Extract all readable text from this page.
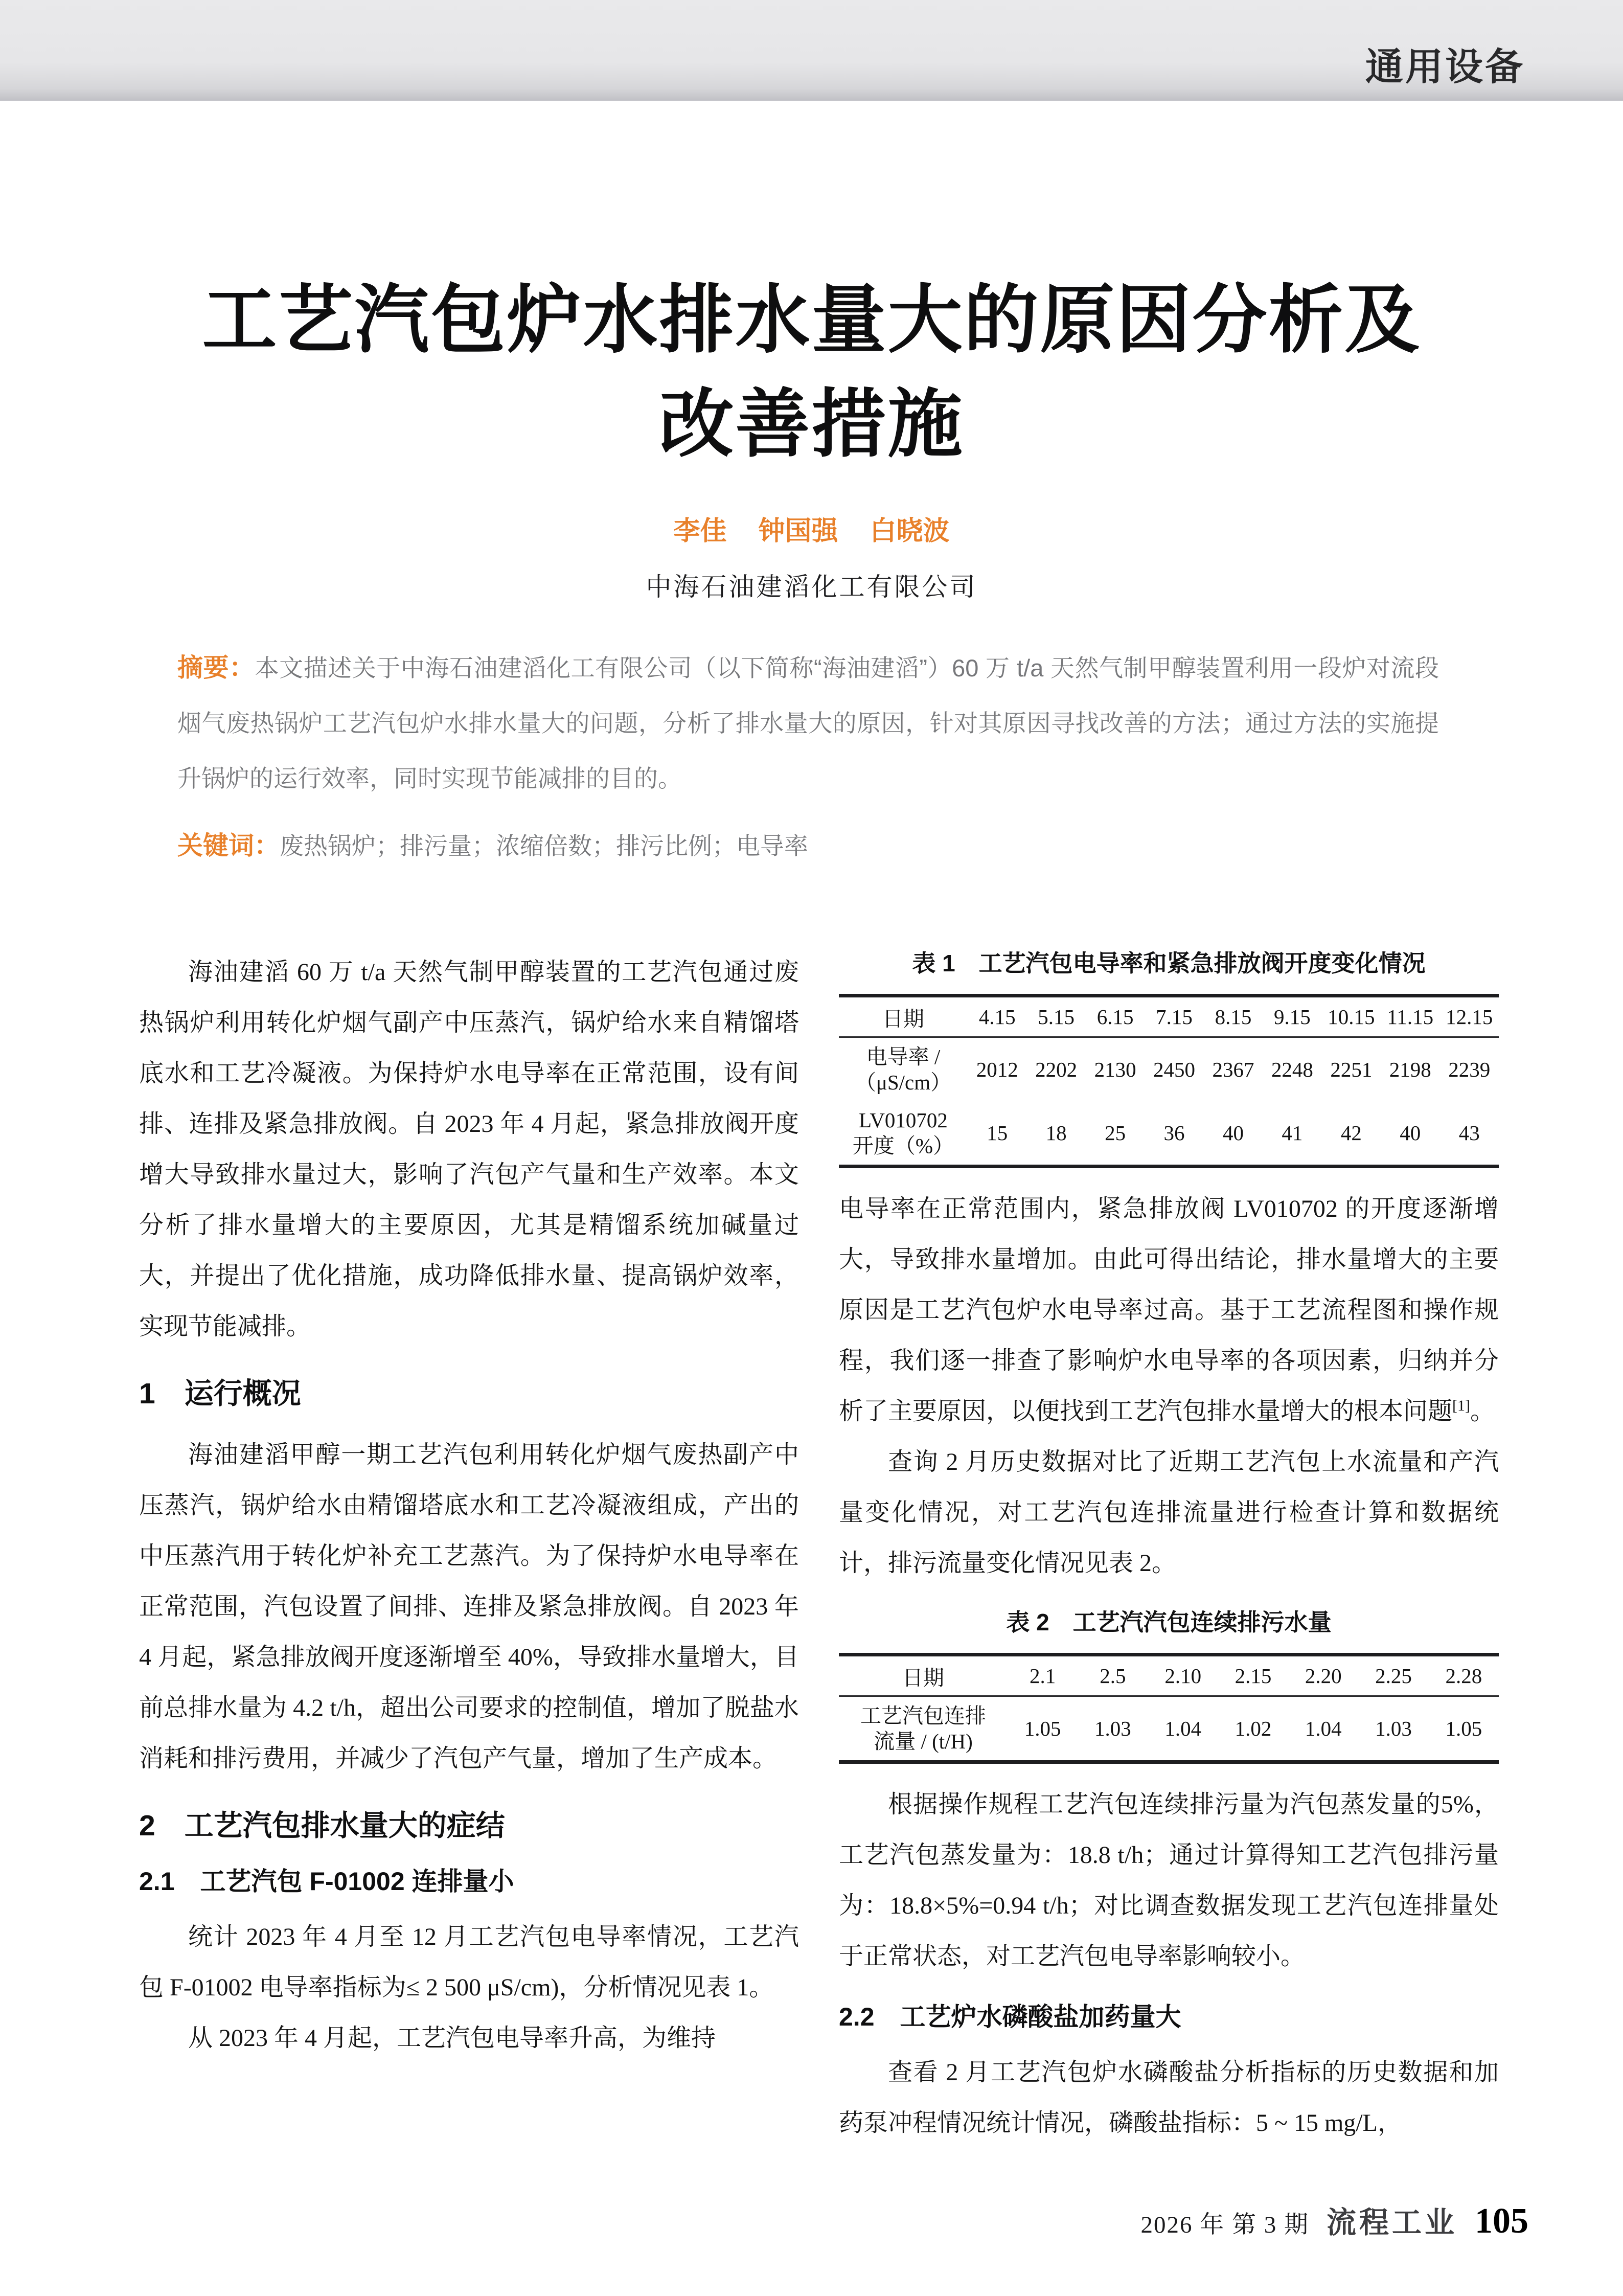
通用设备
工艺汽包炉水排水量大的原因分析及
改善措施
李佳 钟国强 白晓波
中海石油建滔化工有限公司
摘要：本文描述关于中海石油建滔化工有限公司（以下简称“海油建滔”）60 万 t/a 天然气制甲醇装置利用一段炉对流段烟气废热锅炉工艺汽包炉水排水量大的问题，分析了排水量大的原因，针对其原因寻找改善的方法；通过方法的实施提升锅炉的运行效率，同时实现节能减排的目的。
关键词：废热锅炉；排污量；浓缩倍数；排污比例；电导率

海油建滔 60 万 t/a 天然气制甲醇装置的工艺汽包通过废热锅炉利用转化炉烟气副产中压蒸汽，锅炉给水来自精馏塔底水和工艺冷凝液。为保持炉水电导率在正常范围，设有间排、连排及紧急排放阀。自 2023 年 4 月起，紧急排放阀开度增大导致排水量过大，影响了汽包产气量和生产效率。本文分析了排水量增大的主要原因，尤其是精馏系统加碱量过大，并提出了优化措施，成功降低排水量、提高锅炉效率，实现节能减排。

1　运行概况

海油建滔甲醇一期工艺汽包利用转化炉烟气废热副产中压蒸汽，锅炉给水由精馏塔底水和工艺冷凝液组成，产出的中压蒸汽用于转化炉补充工艺蒸汽。为了保持炉水电导率在正常范围，汽包设置了间排、连排及紧急排放阀。自 2023 年 4 月起，紧急排放阀开度逐渐增至 40%，导致排水量增大，目前总排水量为 4.2 t/h，超出公司要求的控制值，增加了脱盐水消耗和排污费用，并减少了汽包产气量，增加了生产成本。

2　工艺汽包排水量大的症结
2.1　工艺汽包 F-01002 连排量小

统计 2023 年 4 月至 12 月工艺汽包电导率情况，工艺汽包 F-01002 电导率指标为≤ 2 500 μS/cm)，分析情况见表 1。

从 2023 年 4 月起，工艺汽包电导率升高，为维持

表 1　工艺汽包电导率和紧急排放阀开度变化情况
日期	4.15	5.15	6.15	7.15	8.15	9.15	10.15	11.15	12.15

电导率 /
（μS/cm）	2012	2202	2130	2450	2367	2248	2251	2198	2239

LV010702
开度（%）	15	18	25	36	40	41	42	40	43

电导率在正常范围内，紧急排放阀 LV010702 的开度逐渐增大，导致排水量增加。由此可得出结论，排水量增大的主要原因是工艺汽包炉水电导率过高。基于工艺流程图和操作规程，我们逐一排查了影响炉水电导率的各项因素，归纳并分析了主要原因，以便找到工艺汽包排水量增大的根本问题[1]。

查询 2 月历史数据对比了近期工艺汽包上水流量和产汽量变化情况，对工艺汽包连排流量进行检查计算和数据统计，排污流量变化情况见表 2。

表 2　工艺汽汽包连续排污水量
日期	2.1	2.5	2.10	2.15	2.20	2.25	2.28

工艺汽包连排
流量 / (t/H)	1.05	1.03	1.04	1.02	1.04	1.03	1.05

根据操作规程工艺汽包连续排污量为汽包蒸发量的5%，工艺汽包蒸发量为：18.8 t/h；通过计算得知工艺汽包排污量为：18.8×5%=0.94 t/h；对比调查数据发现工艺汽包连排量处于正常状态，对工艺汽包电导率影响较小。

2.2　工艺炉水磷酸盐加药量大

查看 2 月工艺汽包炉水磷酸盐分析指标的历史数据和加药泵冲程情况统计情况，磷酸盐指标：5 ~ 15 mg/L，

2026 年 第 3 期 流程工业 105
